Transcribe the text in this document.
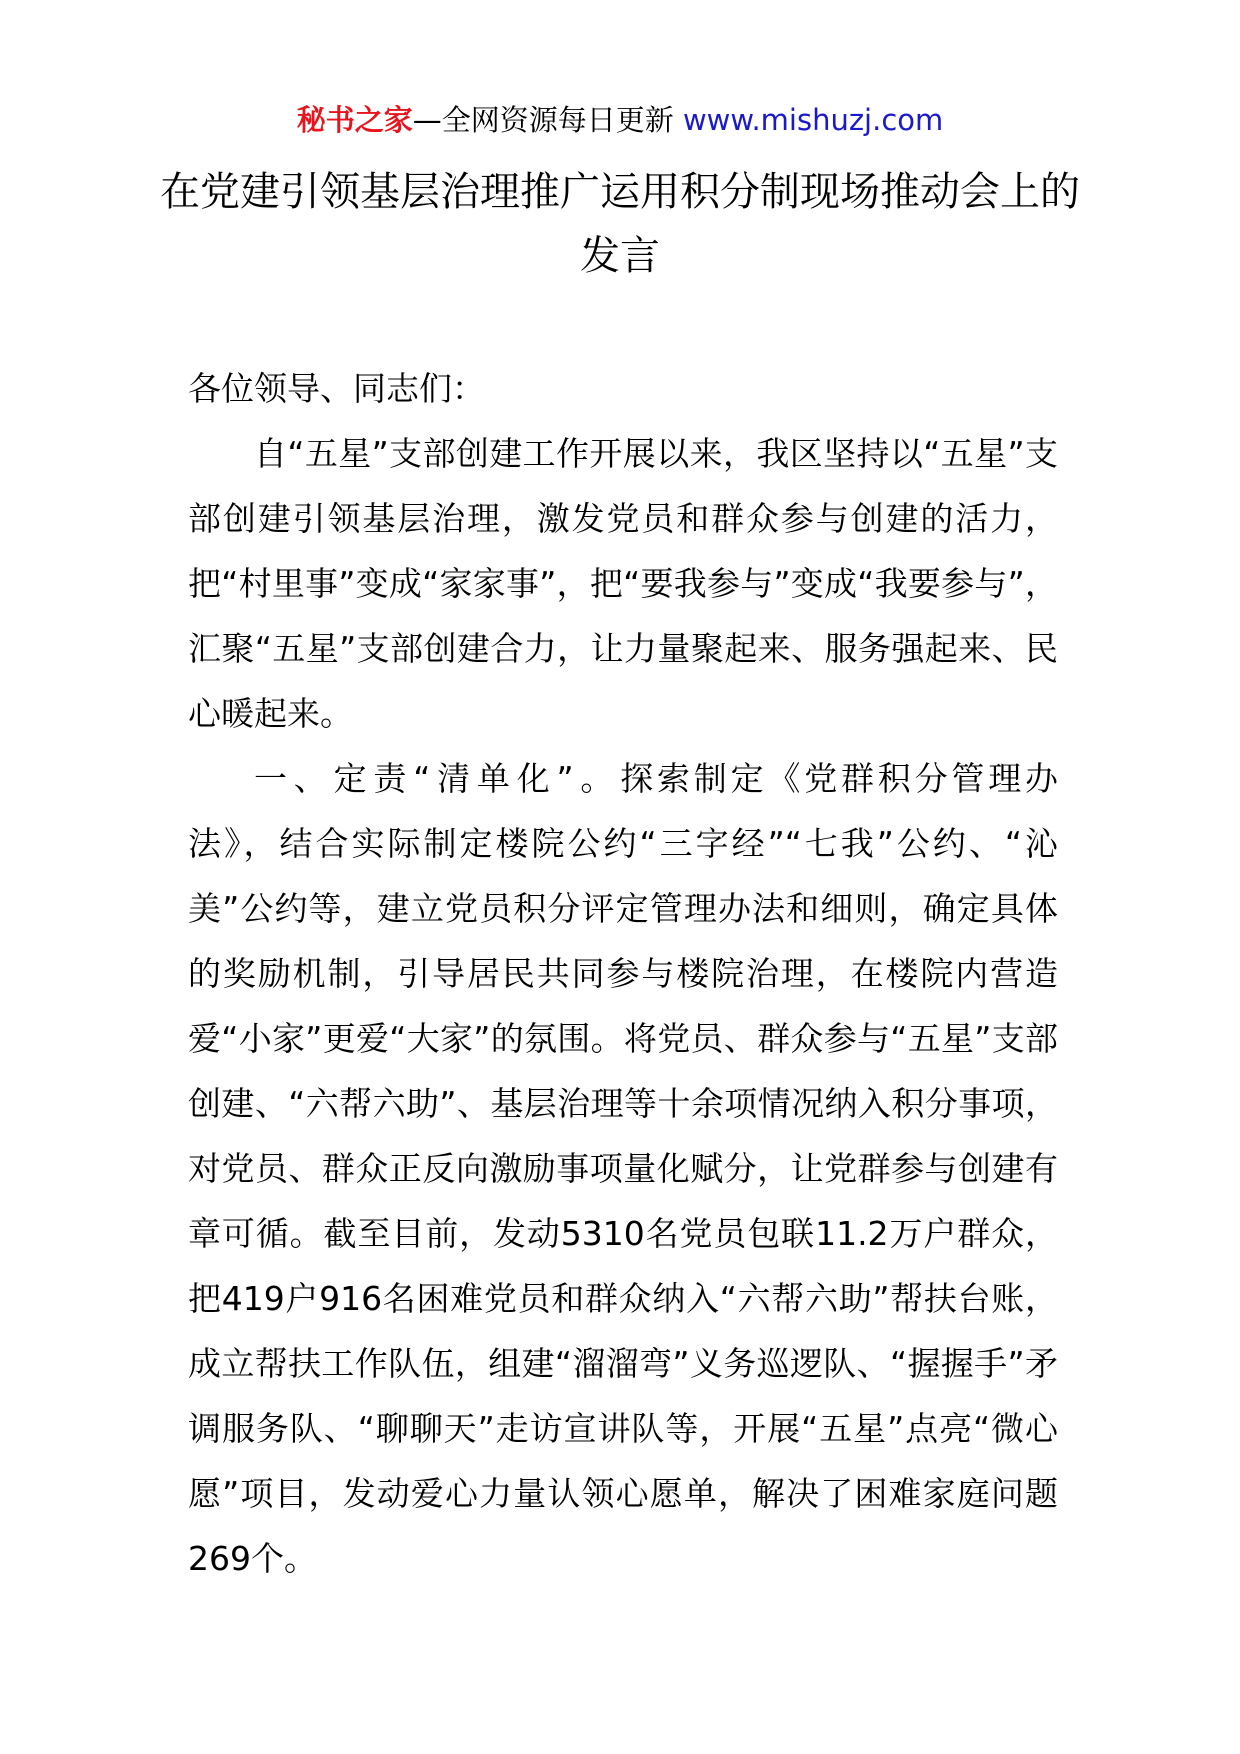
秘书之家—全网资源每日更新 www.mishuzj.com
在党建引领基层治理推广运用积分制现场推动会上的发言

各位领导、同志们：

自“五星”支部创建工作开展以来，我区坚持以“五星”支部创建引领基层治理，激发党员和群众参与创建的活力，把“村里事”变成“家家事”，把“要我参与”变成“我要参与”，汇聚“五星”支部创建合力，让力量聚起来、服务强起来、民心暖起来。

一、定责“清单化”。探索制定《党群积分管理办法》，结合实际制定楼院公约“三字经”“七我”公约、“沁美”公约等，建立党员积分评定管理办法和细则，确定具体的奖励机制，引导居民共同参与楼院治理，在楼院内营造爱“小家”更爱“大家”的氛围。将党员、群众参与“五星”支部创建、“六帮六助”、基层治理等十余项情况纳入积分事项，对党员、群众正反向激励事项量化赋分，让党群参与创建有章可循。截至目前，发动5310名党员包联11.2万户群众，把419户916名困难党员和群众纳入“六帮六助”帮扶台账，成立帮扶工作队伍，组建“溜溜弯”义务巡逻队、“握握手”矛调服务队、“聊聊天”走访宣讲队等，开展“五星”点亮“微心愿”项目，发动爱心力量认领心愿单，解决了困难家庭问题269个。
